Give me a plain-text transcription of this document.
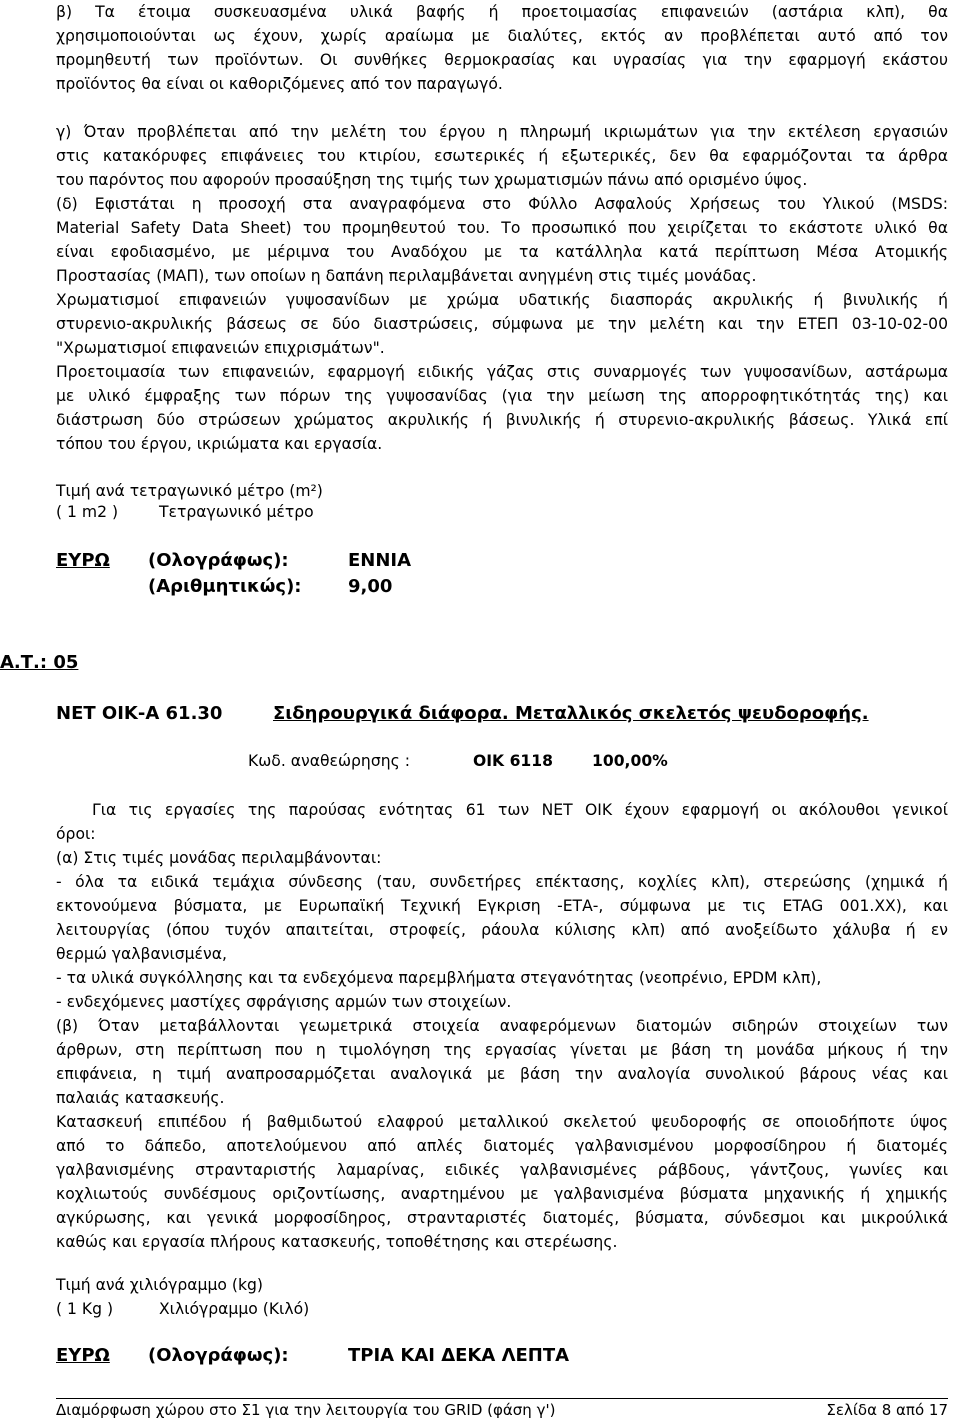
β) Τα έτοιμα συσκευασμένα υλικά βαφής ή προετοιμασίας επιφανειών (αστάρια κλπ), θα
χρησιμοποιούνται ως έχουν, χωρίς αραίωμα με διαλύτες, εκτός αν προβλέπεται αυτό από τον
προμηθευτή των προϊόντων. Οι συνθήκες θερμοκρασίας και υγρασίας για την εφαρμογή εκάστου
προϊόντος θα είναι οι καθοριζόμενες από τον παραγωγό.
γ) Όταν προβλέπεται από την μελέτη του έργου η πληρωμή ικριωμάτων για την εκτέλεση εργασιών
στις κατακόρυφες επιφάνειες του κτιρίου, εσωτερικές ή εξωτερικές, δεν θα εφαρμόζονται τα άρθρα
του παρόντος που αφορούν προσαύξηση της τιμής των χρωματισμών πάνω από ορισμένο ύψος.
(δ) Εφιστάται η προσοχή στα αναγραφόμενα στο Φύλλο Ασφαλούς Χρήσεως του Υλικού (MSDS:
Material Safety Data Sheet) του προμηθευτού του. Το προσωπικό που χειρίζεται το εκάστοτε υλικό θα
είναι εφοδιασμένο, με μέριμνα του Αναδόχου με τα κατάλληλα κατά περίπτωση Μέσα Ατομικής
Προστασίας (ΜΑΠ), των οποίων η δαπάνη περιλαμβάνεται ανηγμένη στις τιμές μονάδας.
Χρωματισμοί επιφανειών γυψοσανίδων με χρώμα υδατικής διασποράς ακρυλικής ή βινυλικής ή
στυρενιο-ακρυλικής βάσεως σε δύο διαστρώσεις, σύμφωνα με την μελέτη και την ΕΤΕΠ 03-10-02-00
"Χρωματισμοί επιφανειών επιχρισμάτων".
Προετοιμασία των επιφανειών, εφαρμογή ειδικής γάζας στις συναρμογές των γυψοσανίδων, αστάρωμα
με υλικό έμφραξης των πόρων της γυψοσανίδας (για την μείωση της απορροφητικότητάς της) και
διάστρωση δύο στρώσεων χρώματος ακρυλικής ή βινυλικής ή στυρενιο-ακρυλικής βάσεως. Υλικά επί
τόπου του έργου, ικριώματα και εργασία.
Τιμή ανά τετραγωνικό μέτρο (m²)
( 1 m2 )	Τετραγωνικό μέτρο
ΕΥΡΩ (Ολογράφως):	ΕΝΝΙΑ
(Αριθμητικώς):	9,00
Α.Τ.: 05
ΝΕΤ ΟΙΚ-Α 61.30	Σιδηρουργικά διάφορα. Μεταλλικός σκελετός ψευδοροφής.
Κωδ. αναθεώρησης :	ΟΙΚ 6118	100,00%
Για τις εργασίες της παρούσας ενότητας 61 των ΝΕΤ ΟΙΚ έχουν εφαρμογή οι ακόλουθοι γενικοί
όροι:
(α) Στις τιμές μονάδας περιλαμβάνονται:
- όλα τα ειδικά τεμάχια σύνδεσης (ταυ, συνδετήρες επέκτασης, κοχλίες κλπ), στερεώσης (χημικά ή
εκτονούμενα βύσματα, με Ευρωπαϊκή Τεχνική Εγκριση -ΕΤΑ-, σύμφωνα με τις ETAG 001.XX), και
λειτουργίας (όπου τυχόν απαιτείται, στροφείς, ράουλα κύλισης κλπ) από ανοξείδωτο χάλυβα ή εν
θερμώ γαλβανισμένα,
- τα υλικά συγκόλλησης και τα ενδεχόμενα παρεμβλήματα στεγανότητας (νεοπρένιο, EPDM κλπ),
- ενδεχόμενες μαστίχες σφράγισης αρμών των στοιχείων.
(β) Όταν μεταβάλλονται γεωμετρικά στοιχεία αναφερόμενων διατομών σιδηρών στοιχείων των
άρθρων, στη περίπτωση που η τιμολόγηση της εργασίας γίνεται με βάση τη μονάδα μήκους ή την
επιφάνεια, η τιμή αναπροσαρμόζεται αναλογικά με βάση την αναλογία συνολικού βάρους νέας και
παλαιάς κατασκευής.
Κατασκευή επιπέδου ή βαθμιδωτού ελαφρού μεταλλικού σκελετού ψευδοροφής σε οποιοδήποτε ύψος
από το δάπεδο, αποτελούμενου από απλές διατομές γαλβανισμένου μορφοσίδηρου ή διατομές
γαλβανισμένης στρανταριστής λαμαρίνας, ειδικές γαλβανισμένες ράβδους, γάντζους, γωνίες και
κοχλιωτούς συνδέσμους οριζοντίωσης, αναρτημένου με γαλβανισμένα βύσματα μηχανικής ή χημικής
αγκύρωσης, και γενικά μορφοσίδηρος, στρανταριστές διατομές, βύσματα, σύνδεσμοι και μικρούλικά
καθώς και εργασία πλήρους κατασκευής, τοποθέτησης και στερέωσης.
Τιμή ανά χιλιόγραμμο (kg)
( 1 Kg )	Χιλιόγραμμο (Κιλό)
ΕΥΡΩ (Ολογράφως):	ΤΡΙΑ ΚΑΙ ΔΕΚΑ ΛΕΠΤΑ
Διαμόρφωση χώρου στο Σ1 για την λειτουργία του GRID (φάση γ')	Σελίδα 8 από 17
